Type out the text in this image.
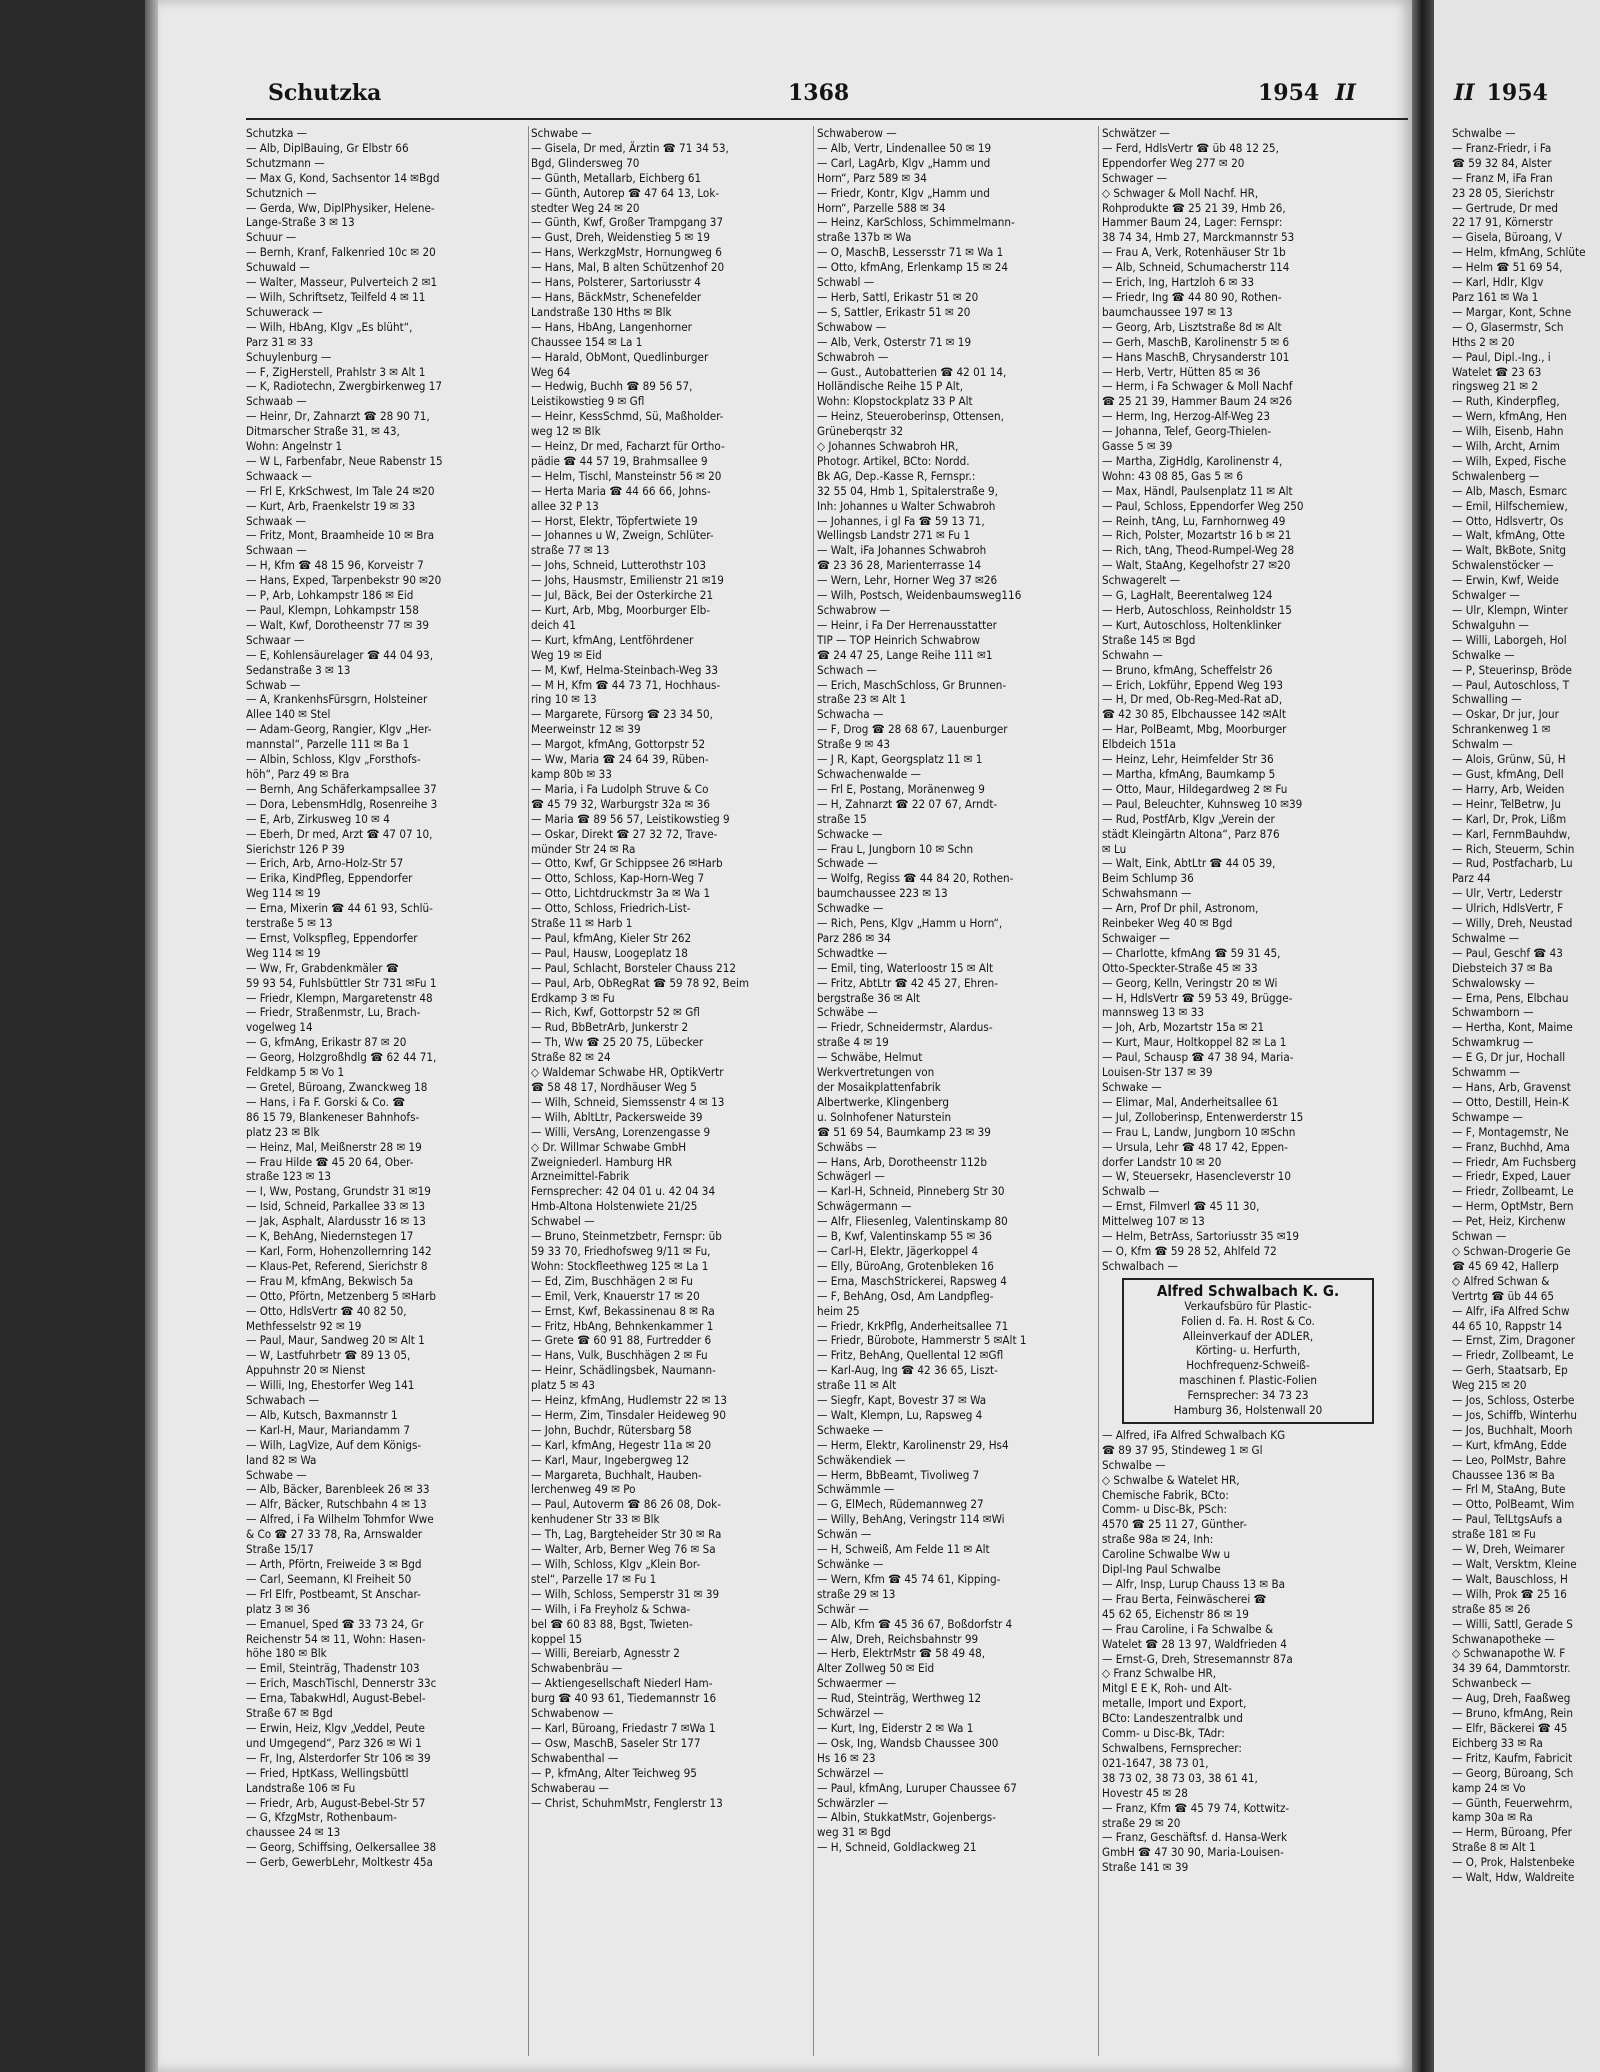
Schutzka	1368	1954 II
Schutzka —
— Alb, DiplBauing, Gr Elbstr 66
Schutzmann —
— Max G, Kond, Sachsentor 14 ✉Bgd
Schutznich —
— Gerda, Ww, DiplPhysiker, Helene-
Lange-Straße 3 ✉ 13
Schuur —
— Bernh, Kranf, Falkenried 10c ✉ 20
Schuwald —
— Walter, Masseur, Pulverteich 2 ✉1
— Wilh, Schriftsetz, Teilfeld 4 ✉ 11
Schuwerack —
— Wilh, HbAng, Klgv „Es blüht“,
Parz 31 ✉ 33
Schuylenburg —
— F, ZigHerstell, Prahlstr 3 ✉ Alt 1
— K, Radiotechn, Zwergbirkenweg 17
Schwaab —
— Heinr, Dr, Zahnarzt ☎ 28 90 71,
Ditmarscher Straße 31, ✉ 43,
Wohn: Angelnstr 1
— W L, Farbenfabr, Neue Rabenstr 15
Schwaack —
— Frl E, KrkSchwest, Im Tale 24 ✉20
— Kurt, Arb, Fraenkelstr 19 ✉ 33
Schwaak —
— Fritz, Mont, Braamheide 10 ✉ Bra
Schwaan —
— H, Kfm ☎ 48 15 96, Korveistr 7
— Hans, Exped, Tarpenbekstr 90 ✉20
— P, Arb, Lohkampstr 186 ✉ Eid
— Paul, Klempn, Lohkampstr 158
— Walt, Kwf, Dorotheenstr 77 ✉ 39
Schwaar —
— E, Kohlensäurelager ☎ 44 04 93,
Sedanstraße 3 ✉ 13
Schwab —
— A, KrankenhsFürsgrn, Holsteiner
Allee 140 ✉ Stel
— Adam-Georg, Rangier, Klgv „Her-
mannstal“, Parzelle 111 ✉ Ba 1
— Albin, Schloss, Klgv „Forsthofs-
höh“, Parz 49 ✉ Bra
— Bernh, Ang Schäferkampsallee 37
— Dora, LebensmHdlg, Rosenreihe 3
— E, Arb, Zirkusweg 10 ✉ 4
— Eberh, Dr med, Arzt ☎ 47 07 10,
Sierichstr 126 P 39
— Erich, Arb, Arno-Holz-Str 57
— Erika, KindPfleg, Eppendorfer
Weg 114 ✉ 19
— Erna, Mixerin ☎ 44 61 93, Schlü-
terstraße 5 ✉ 13
— Ernst, Volkspfleg, Eppendorfer
Weg 114 ✉ 19
— Ww, Fr, Grabdenkmäler ☎
59 93 54, Fuhlsbüttler Str 731 ✉Fu 1
— Friedr, Klempn, Margaretenstr 48
— Friedr, Straßenmstr, Lu, Brach-
vogelweg 14
— G, kfmAng, Erikastr 87 ✉ 20
— Georg, Holzgroßhdlg ☎ 62 44 71,
Feldkamp 5 ✉ Vo 1
— Gretel, Büroang, Zwanckweg 18
— Hans, i Fa F. Gorski & Co. ☎
86 15 79, Blankeneser Bahnhofs-
platz 23 ✉ Blk
— Heinz, Mal, Meißnerstr 28 ✉ 19
— Frau Hilde ☎ 45 20 64, Ober-
straße 123 ✉ 13
— I, Ww, Postang, Grundstr 31 ✉19
— Isid, Schneid, Parkallee 33 ✉ 13
— Jak, Asphalt, Alardusstr 16 ✉ 13
— K, BehAng, Niedernstegen 17
— Karl, Form, Hohenzollernring 142
— Klaus-Pet, Referend, Sierichstr 8
— Frau M, kfmAng, Bekwisch 5a
— Otto, Pförtn, Metzenberg 5 ✉Harb
— Otto, HdlsVertr ☎ 40 82 50,
Methfesselstr 92 ✉ 19
— Paul, Maur, Sandweg 20 ✉ Alt 1
— W, Lastfuhrbetr ☎ 89 13 05,
Appuhnstr 20 ✉ Nienst
— Willi, Ing, Ehestorfer Weg 141
Schwabach —
— Alb, Kutsch, Baxmannstr 1
— Karl-H, Maur, Mariandamm 7
— Wilh, LagVize, Auf dem Königs-
land 82 ✉ Wa
Schwabe —
— Alb, Bäcker, Barenbleek 26 ✉ 33
— Alfr, Bäcker, Rutschbahn 4 ✉ 13
— Alfred, i Fa Wilhelm Tohmfor Wwe
& Co ☎ 27 33 78, Ra, Arnswalder
Straße 15/17
— Arth, Pförtn, Freiweide 3 ✉ Bgd
— Carl, Seemann, Kl Freiheit 50
— Frl Elfr, Postbeamt, St Anschar-
platz 3 ✉ 36
— Emanuel, Sped ☎ 33 73 24, Gr
Reichenstr 54 ✉ 11, Wohn: Hasen-
höhe 180 ✉ Blk
— Emil, Steinträg, Thadenstr 103
— Erich, MaschTischl, Dennerstr 33c
— Erna, TabakwHdl, August-Bebel-
Straße 67 ✉ Bgd
— Erwin, Heiz, Klgv „Veddel, Peute
und Umgegend“, Parz 326 ✉ Wi 1
— Fr, Ing, Alsterdorfer Str 106 ✉ 39
— Fried, HptKass, Wellingsbüttl
Landstraße 106 ✉ Fu
— Friedr, Arb, August-Bebel-Str 57
— G, KfzgMstr, Rothenbaum-
chaussee 24 ✉ 13
— Georg, Schiffsing, Oelkersallee 38
— Gerb, GewerbLehr, Moltkestr 45a
Schwabe —
— Gisela, Dr med, Ärztin ☎ 71 34 53,
Bgd, Glindersweg 70
— Günth, Metallarb, Eichberg 61
— Günth, Autorep ☎ 47 64 13, Lok-
stedter Weg 24 ✉ 20
— Günth, Kwf, Großer Trampgang 37
— Gust, Dreh, Weidenstieg 5 ✉ 19
— Hans, WerkzgMstr, Hornungweg 6
— Hans, Mal, B alten Schützenhof 20
— Hans, Polsterer, Sartoriusstr 4
— Hans, BäckMstr, Schenefelder
Landstraße 130 Hths ✉ Blk
— Hans, HbAng, Langenhorner
Chaussee 154 ✉ La 1
— Harald, ObMont, Quedlinburger
Weg 64
— Hedwig, Buchh ☎ 89 56 57,
Leistikowstieg 9 ✉ Gfl
— Heinr, KessSchmd, Sü, Maßholder-
weg 12 ✉ Blk
— Heinz, Dr med, Facharzt für Ortho-
pädie ☎ 44 57 19, Brahmsallee 9
— Helm, Tischl, Mansteinstr 56 ✉ 20
— Herta Maria ☎ 44 66 66, Johns-
allee 32 P 13
— Horst, Elektr, Töpfertwiete 19
— Johannes u W, Zweign, Schlüter-
straße 77 ✉ 13
— Johs, Schneid, Lutterothstr 103
— Johs, Hausmstr, Emilienstr 21 ✉19
— Jul, Bäck, Bei der Osterkirche 21
— Kurt, Arb, Mbg, Moorburger Elb-
deich 41
— Kurt, kfmAng, Lentföhrdener
Weg 19 ✉ Eid
— M, Kwf, Helma-Steinbach-Weg 33
— M H, Kfm ☎ 44 73 71, Hochhaus-
ring 10 ✉ 13
— Margarete, Fürsorg ☎ 23 34 50,
Meerweinstr 12 ✉ 39
— Margot, kfmAng, Gottorpstr 52
— Ww, Maria ☎ 24 64 39, Rüben-
kamp 80b ✉ 33
— Maria, i Fa Ludolph Struve & Co
☎ 45 79 32, Warburgstr 32a ✉ 36
— Maria ☎ 89 56 57, Leistikowstieg 9
— Oskar, Direkt ☎ 27 32 72, Trave-
münder Str 24 ✉ Ra
— Otto, Kwf, Gr Schippsee 26 ✉Harb
— Otto, Schloss, Kap-Horn-Weg 7
— Otto, Lichtdruckmstr 3a ✉ Wa 1
— Otto, Schloss, Friedrich-List-
Straße 11 ✉ Harb 1
— Paul, kfmAng, Kieler Str 262
— Paul, Hausw, Loogeplatz 18
— Paul, Schlacht, Borsteler Chauss 212
— Paul, Arb, ObRegRat ☎ 59 78 92, Beim
Erdkamp 3 ✉ Fu
— Rich, Kwf, Gottorpstr 52 ✉ Gfl
— Rud, BbBetrArb, Junkerstr 2
— Th, Ww ☎ 25 20 75, Lübecker
Straße 82 ✉ 24
◇ Waldemar Schwabe HR, OptikVertr
☎ 58 48 17, Nordhäuser Weg 5
— Wilh, Schneid, Siemssenstr 4 ✉ 13
— Wilh, AbltLtr, Packersweide 39
— Willi, VersAng, Lorenzengasse 9
◇ Dr. Willmar Schwabe GmbH
Zweigniederl. Hamburg HR
Arzneimittel-Fabrik
Fernsprecher: 42 04 01 u. 42 04 34
Hmb-Altona Holstenwiete 21/25
Schwabel —
— Bruno, Steinmetzbetr, Fernspr: üb
59 33 70, Friedhofsweg 9/11 ✉ Fu,
Wohn: Stockfleethweg 125 ✉ La 1
— Ed, Zim, Buschhägen 2 ✉ Fu
— Emil, Verk, Knauerstr 17 ✉ 20
— Ernst, Kwf, Bekassinenau 8 ✉ Ra
— Fritz, HbAng, Behnkenkammer 1
— Grete ☎ 60 91 88, Furtredder 6
— Hans, Vulk, Buschhägen 2 ✉ Fu
— Heinr, Schädlingsbek, Naumann-
platz 5 ✉ 43
— Heinz, kfmAng, Hudlemstr 22 ✉ 13
— Herm, Zim, Tinsdaler Heideweg 90
— John, Buchdr, Rütersbarg 58
— Karl, kfmAng, Hegestr 11a ✉ 20
— Karl, Maur, Ingebergweg 12
— Margareta, Buchhalt, Hauben-
lerchenweg 49 ✉ Po
— Paul, Autoverm ☎ 86 26 08, Dok-
kenhudener Str 33 ✉ Blk
— Th, Lag, Bargteheider Str 30 ✉ Ra
— Walter, Arb, Berner Weg 76 ✉ Sa
— Wilh, Schloss, Klgv „Klein Bor-
stel“, Parzelle 17 ✉ Fu 1
— Wilh, Schloss, Semperstr 31 ✉ 39
— Wilh, i Fa Freyholz & Schwa-
bel ☎ 60 83 88, Bgst, Twieten-
koppel 15
— Willi, Bereiarb, Agnesstr 2
Schwabenbräu —
— Aktiengesellschaft Niederl Ham-
burg ☎ 40 93 61, Tiedemannstr 16
Schwabenow —
— Karl, Büroang, Friedastr 7 ✉Wa 1
— Osw, MaschB, Saseler Str 177
Schwabenthal —
— P, kfmAng, Alter Teichweg 95
Schwaberau —
— Christ, SchuhmMstr, Fenglerstr 13
Schwaberow —
— Alb, Vertr, Lindenallee 50 ✉ 19
— Carl, LagArb, Klgv „Hamm und
Horn“, Parz 589 ✉ 34
— Friedr, Kontr, Klgv „Hamm und
Horn“, Parzelle 588 ✉ 34
— Heinz, KarSchloss, Schimmelmann-
straße 137b ✉ Wa
— O, MaschB, Lessersstr 71 ✉ Wa 1
— Otto, kfmAng, Erlenkamp 15 ✉ 24
Schwabl —
— Herb, Sattl, Erikastr 51 ✉ 20
— S, Sattler, Erikastr 51 ✉ 20
Schwabow —
— Alb, Verk, Osterstr 71 ✉ 19
Schwabroh —
— Gust., Autobatterien ☎ 42 01 14,
Holländische Reihe 15 P Alt,
Wohn: Klopstockplatz 33 P Alt
— Heinz, Steueroberinsp, Ottensen,
Grüneberqstr 32
◇ Johannes Schwabroh HR,
Photogr. Artikel, BCto: Nordd.
Bk AG, Dep.-Kasse R, Fernspr.:
32 55 04, Hmb 1, Spitalerstraße 9,
Inh: Johannes u Walter Schwabroh
— Johannes, i gl Fa ☎ 59 13 71,
Wellingsb Landstr 271 ✉ Fu 1
— Walt, iFa Johannes Schwabroh
☎ 23 36 28, Marienterrasse 14
— Wern, Lehr, Horner Weg 37 ✉26
— Wilh, Postsch, Weidenbaumsweg116
Schwabrow —
— Heinr, i Fa Der Herrenausstatter
TIP — TOP Heinrich Schwabrow
☎ 24 47 25, Lange Reihe 111 ✉1
Schwach —
— Erich, MaschSchloss, Gr Brunnen-
straße 23 ✉ Alt 1
Schwacha —
— F, Drog ☎ 28 68 67, Lauenburger
Straße 9 ✉ 43
— J R, Kapt, Georgsplatz 11 ✉ 1
Schwachenwalde —
— Frl E, Postang, Moränenweg 9
— H, Zahnarzt ☎ 22 07 67, Arndt-
straße 15
Schwacke —
— Frau L, Jungborn 10 ✉ Schn
Schwade —
— Wolfg, Regiss ☎ 44 84 20, Rothen-
baumchaussee 223 ✉ 13
Schwadke —
— Rich, Pens, Klgv „Hamm u Horn“,
Parz 286 ✉ 34
Schwadtke —
— Emil, ting, Waterloostr 15 ✉ Alt
— Fritz, AbtLtr ☎ 42 45 27, Ehren-
bergstraße 36 ✉ Alt
Schwäbe —
— Friedr, Schneidermstr, Alardus-
straße 4 ✉ 19
— Schwäbe, Helmut
Werkvertretungen von
der Mosaikplattenfabrik
Albertwerke, Klingenberg
u. Solnhofener Naturstein
☎ 51 69 54, Baumkamp 23 ✉ 39
Schwäbs —
— Hans, Arb, Dorotheenstr 112b
Schwägerl —
— Karl-H, Schneid, Pinneberg Str 30
Schwägermann —
— Alfr, Fliesenleg, Valentinskamp 80
— B, Kwf, Valentinskamp 55 ✉ 36
— Carl-H, Elektr, Jägerkoppel 4
— Elly, BüroAng, Grotenbleken 16
— Erna, MaschStrickerei, Rapsweg 4
— F, BehAng, Osd, Am Landpfleg-
heim 25
— Friedr, KrkPflg, Anderheitsallee 71
— Friedr, Bürobote, Hammerstr 5 ✉Alt 1
— Fritz, BehAng, Quellental 12 ✉Gfl
— Karl-Aug, Ing ☎ 42 36 65, Liszt-
straße 11 ✉ Alt
— Siegfr, Kapt, Bovestr 37 ✉ Wa
— Walt, Klempn, Lu, Rapsweg 4
Schwaeke —
— Herm, Elektr, Karolinenstr 29, Hs4
Schwäkendiek —
— Herm, BbBeamt, Tivoliweg 7
Schwämmle —
— G, ElMech, Rüdemannweg 27
— Willy, BehAng, Veringstr 114 ✉Wi
Schwän —
— H, Schweiß, Am Felde 11 ✉ Alt
Schwänke —
— Wern, Kfm ☎ 45 74 61, Kipping-
straße 29 ✉ 13
Schwär —
— Alb, Kfm ☎ 45 36 67, Boßdorfstr 4
— Alw, Dreh, Reichsbahnstr 99
— Herb, ElektrMstr ☎ 58 49 48,
Alter Zollweg 50 ✉ Eid
Schwaermer —
— Rud, Steinträg, Werthweg 12
Schwärzel —
— Kurt, Ing, Eiderstr 2 ✉ Wa 1
— Osk, Ing, Wandsb Chaussee 300
Hs 16 ✉ 23
Schwärzel —
— Paul, kfmAng, Luruper Chaussee 67
Schwärzler —
— Albin, StukkatMstr, Gojenbergs-
weg 31 ✉ Bgd
— H, Schneid, Goldlackweg 21
Schwätzer —
— Ferd, HdlsVertr ☎ üb 48 12 25,
Eppendorfer Weg 277 ✉ 20
Schwager —
◇ Schwager & Moll Nachf. HR,
Rohprodukte ☎ 25 21 39, Hmb 26,
Hammer Baum 24, Lager: Fernspr:
38 74 34, Hmb 27, Marckmannstr 53
— Frau A, Verk, Rotenhäuser Str 1b
— Alb, Schneid, Schumacherstr 114
— Erich, Ing, Hartzloh 6 ✉ 33
— Friedr, Ing ☎ 44 80 90, Rothen-
baumchaussee 197 ✉ 13
— Georg, Arb, Lisztstraße 8d ✉ Alt
— Gerh, MaschB, Karolinenstr 5 ✉ 6
— Hans MaschB, Chrysanderstr 101
— Herb, Vertr, Hütten 85 ✉ 36
— Herm, i Fa Schwager & Moll Nachf
☎ 25 21 39, Hammer Baum 24 ✉26
— Herm, Ing, Herzog-Alf-Weg 23
— Johanna, Telef, Georg-Thielen-
Gasse 5 ✉ 39
— Martha, ZigHdlg, Karolinenstr 4,
Wohn: 43 08 85, Gas 5 ✉ 6
— Max, Händl, Paulsenplatz 11 ✉ Alt
— Paul, Schloss, Eppendorfer Weg 250
— Reinh, tAng, Lu, Farnhornweg 49
— Rich, Polster, Mozartstr 16 b ✉ 21
— Rich, tAng, Theod-Rumpel-Weg 28
— Walt, StaAng, Kegelhofstr 27 ✉20
Schwagerelt —
— G, LagHalt, Beerentalweg 124
— Herb, Autoschloss, Reinholdstr 15
— Kurt, Autoschloss, Holtenklinker
Straße 145 ✉ Bgd
Schwahn —
— Bruno, kfmAng, Scheffelstr 26
— Erich, Lokführ, Eppend Weg 193
— H, Dr med, Ob-Reg-Med-Rat aD,
☎ 42 30 85, Elbchaussee 142 ✉Alt
— Har, PolBeamt, Mbg, Moorburger
Elbdeich 151a
— Heinz, Lehr, Heimfelder Str 36
— Martha, kfmAng, Baumkamp 5
— Otto, Maur, Hildegardweg 2 ✉ Fu
— Paul, Beleuchter, Kuhnsweg 10 ✉39
— Rud, PostfArb, Klgv „Verein der
städt Kleingärtn Altona“, Parz 876
✉ Lu
— Walt, Eink, AbtLtr ☎ 44 05 39,
Beim Schlump 36
Schwahsmann —
— Arn, Prof Dr phil, Astronom,
Reinbeker Weg 40 ✉ Bgd
Schwaiger —
— Charlotte, kfmAng ☎ 59 31 45,
Otto-Speckter-Straße 45 ✉ 33
— Georg, Kelln, Veringstr 20 ✉ Wi
— H, HdlsVertr ☎ 59 53 49, Brügge-
mannsweg 13 ✉ 33
— Joh, Arb, Mozartstr 15a ✉ 21
— Kurt, Maur, Holtkoppel 82 ✉ La 1
— Paul, Schausp ☎ 47 38 94, Maria-
Louisen-Str 137 ✉ 39
Schwake —
— Elimar, Mal, Anderheitsallee 61
— Jul, Zolloberinsp, Entenwerderstr 15
— Frau L, Landw, Jungborn 10 ✉Schn
— Ursula, Lehr ☎ 48 17 42, Eppen-
dorfer Landstr 10 ✉ 20
— W, Steuersekr, Hasencleverstr 10
Schwalb —
— Ernst, Filmverl ☎ 45 11 30,
Mittelweg 107 ✉ 13
— Helm, BetrAss, Sartoriusstr 35 ✉19
— O, Kfm ☎ 59 28 52, Ahlfeld 72
Schwalbach —
Alfred Schwalbach K. G.
Verkaufsbüro für Plastic-
Folien d. Fa. H. Rost & Co.
Alleinverkauf der ADLER,
Körting- u. Herfurth,
Hochfrequenz-Schweiß-
maschinen f. Plastic-Folien
Fernsprecher: 34 73 23
Hamburg 36, Holstenwall 20
— Alfred, iFa Alfred Schwalbach KG
☎ 89 37 95, Stindeweg 1 ✉ Gl
Schwalbe —
◇ Schwalbe & Watelet HR,
Chemische Fabrik, BCto:
Comm- u Disc-Bk, PSch:
4570 ☎ 25 11 27, Günther-
straße 98a ✉ 24, Inh:
Caroline Schwalbe Ww u
Dipl-Ing Paul Schwalbe
— Alfr, Insp, Lurup Chauss 13 ✉ Ba
— Frau Berta, Feinwäscherei ☎
45 62 65, Eichenstr 86 ✉ 19
— Frau Caroline, i Fa Schwalbe &
Watelet ☎ 28 13 97, Waldfrieden 4
— Ernst-G, Dreh, Stresemannstr 87a
◇ Franz Schwalbe HR,
Mitgl E E K, Roh- und Alt-
metalle, Import und Export,
BCto: Landeszentralbk und
Comm- u Disc-Bk, TAdr:
Schwalbens, Fernsprecher:
021-1647, 38 73 01,
38 73 02, 38 73 03, 38 61 41,
Hovestr 45 ✉ 28
— Franz, Kfm ☎ 45 79 74, Kottwitz-
straße 29 ✉ 20
— Franz, Geschäftsf. d. Hansa-Werk
GmbH ☎ 47 30 90, Maria-Louisen-
Straße 141 ✉ 39
II 1954
Schwalbe —
— Franz-Friedr, i Fa
☎ 59 32 84, Alster
— Franz M, iFa Fran
23 28 05, Sierichstr
— Gertrude, Dr med
22 17 91, Körnerstr
— Gisela, Büroang, V
— Helm, kfmAng, Schlüte
— Helm ☎ 51 69 54,
— Karl, Hdlr, Klgv
Parz 161 ✉ Wa 1
— Margar, Kont, Schne
— O, Glasermstr, Sch
Hths 2 ✉ 20
— Paul, Dipl.-Ing., i
Watelet ☎ 23 63
ringsweg 21 ✉ 2
— Ruth, Kinderpfleg,
— Wern, kfmAng, Hen
— Wilh, Eisenb, Hahn
— Wilh, Archt, Arnim
— Wilh, Exped, Fische
Schwalenberg —
— Alb, Masch, Esmarc
— Emil, Hilfschemiew,
— Otto, Hdlsvertr, Os
— Walt, kfmAng, Otte
— Walt, BkBote, Snitg
Schwalenstöcker —
— Erwin, Kwf, Weide
Schwalger —
— Ulr, Klempn, Winter
Schwalguhn —
— Willi, Laborgeh, Hol
Schwalke —
— P, Steuerinsp, Bröde
— Paul, Autoschloss, T
Schwalling —
— Oskar, Dr jur, Jour
Schrankenweg 1 ✉
Schwalm —
— Alois, Grünw, Sü, H
— Gust, kfmAng, Dell
— Harry, Arb, Weiden
— Heinr, TelBetrw, Ju
— Karl, Dr, Prok, Lißm
— Karl, FernmBauhdw,
— Rich, Steuerm, Schin
— Rud, Postfacharb, Lu
Parz 44
— Ulr, Vertr, Lederstr
— Ulrich, HdlsVertr, F
— Willy, Dreh, Neustad
Schwalme —
— Paul, Geschf ☎ 43
Diebsteich 37 ✉ Ba
Schwalowsky —
— Erna, Pens, Elbchau
Schwamborn —
— Hertha, Kont, Maime
Schwamkrug —
— E G, Dr jur, Hochall
Schwamm —
— Hans, Arb, Gravenst
— Otto, Destill, Hein-K
Schwampe —
— F, Montagemstr, Ne
— Franz, Buchhd, Ama
— Friedr, Am Fuchsberg
— Friedr, Exped, Lauer
— Friedr, Zollbeamt, Le
— Herm, OptMstr, Bern
— Pet, Heiz, Kirchenw
Schwan —
◇ Schwan-Drogerie Ge
☎ 45 69 42, Hallerp
◇ Alfred Schwan &
Vertrtg ☎ üb 44 65
— Alfr, iFa Alfred Schw
44 65 10, Rappstr 14
— Ernst, Zim, Dragoner
— Friedr, Zollbeamt, Le
— Gerh, Staatsarb, Ep
Weg 215 ✉ 20
— Jos, Schloss, Osterbe
— Jos, Schiffb, Winterhu
— Jos, Buchhalt, Moorh
— Kurt, kfmAng, Edde
— Leo, PolMstr, Bahre
Chaussee 136 ✉ Ba
— Frl M, StaAng, Bute
— Otto, PolBeamt, Wim
— Paul, TelLtgsAufs a
straße 181 ✉ Fu
— W, Dreh, Weimarer
— Walt, Versktm, Kleine
— Walt, Bauschloss, H
— Wilh, Prok ☎ 25 16
straße 85 ✉ 26
— Willi, Sattl, Gerade S
Schwanapotheke —
◇ Schwanapothe W. F
34 39 64, Dammtorstr.
Schwanbeck —
— Aug, Dreh, Faaßweg
— Bruno, kfmAng, Rein
— Elfr, Bäckerei ☎ 45
Eichberg 33 ✉ Ra
— Fritz, Kaufm, Fabricit
— Georg, Büroang, Sch
kamp 24 ✉ Vo
— Günth, Feuerwehrm,
kamp 30a ✉ Ra
— Herm, Büroang, Pfer
Straße 8 ✉ Alt 1
— O, Prok, Halstenbeke
— Walt, Hdw, Waldreite
